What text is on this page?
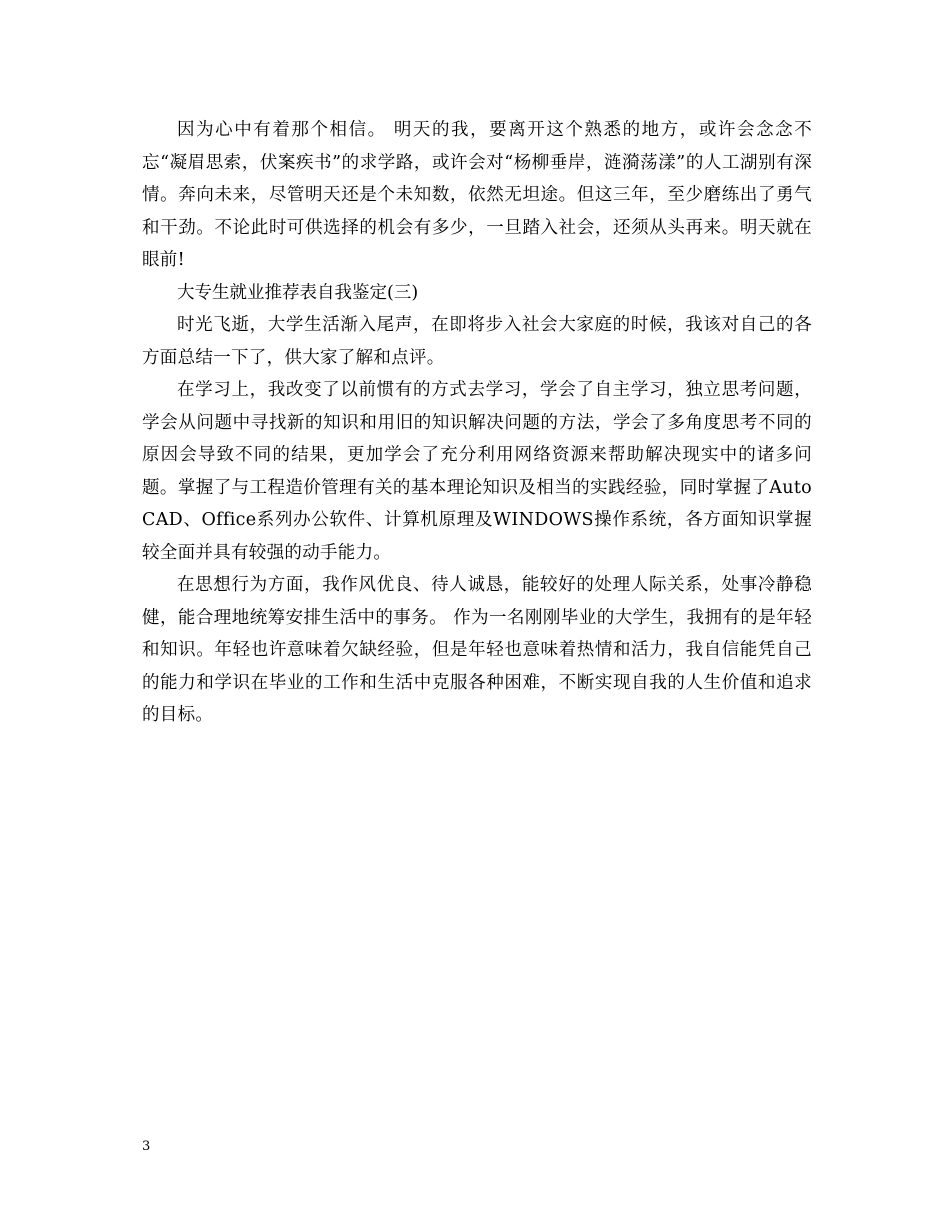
因为心中有着那个相信。 明天的我，要离开这个熟悉的地方，或许会念念不忘“凝眉思索，伏案疾书”的求学路，或许会对“杨柳垂岸，涟漪荡漾”的人工湖别有深情。奔向未来，尽管明天还是个未知数，依然无坦途。但这三年，至少磨练出了勇气和干劲。不论此时可供选择的机会有多少，一旦踏入社会，还须从头再来。明天就在眼前!

大专生就业推荐表自我鉴定(三)

时光飞逝，大学生活渐入尾声，在即将步入社会大家庭的时候，我该对自己的各方面总结一下了，供大家了解和点评。

在学习上，我改变了以前惯有的方式去学习，学会了自主学习，独立思考问题，学会从问题中寻找新的知识和用旧的知识解决问题的方法，学会了多角度思考不同的原因会导致不同的结果，更加学会了充分利用网络资源来帮助解决现实中的诸多问题。掌握了与工程造价管理有关的基本理论知识及相当的实践经验，同时掌握了AutoCAD、Office系列办公软件、计算机原理及WINDOWS操作系统，各方面知识掌握较全面并具有较强的动手能力。

在思想行为方面，我作风优良、待人诚恳，能较好的处理人际关系，处事冷静稳健，能合理地统筹安排生活中的事务。 作为一名刚刚毕业的大学生，我拥有的是年轻和知识。年轻也许意味着欠缺经验，但是年轻也意味着热情和活力，我自信能凭自己的能力和学识在毕业的工作和生活中克服各种困难，不断实现自我的人生价值和追求的目标。

3
